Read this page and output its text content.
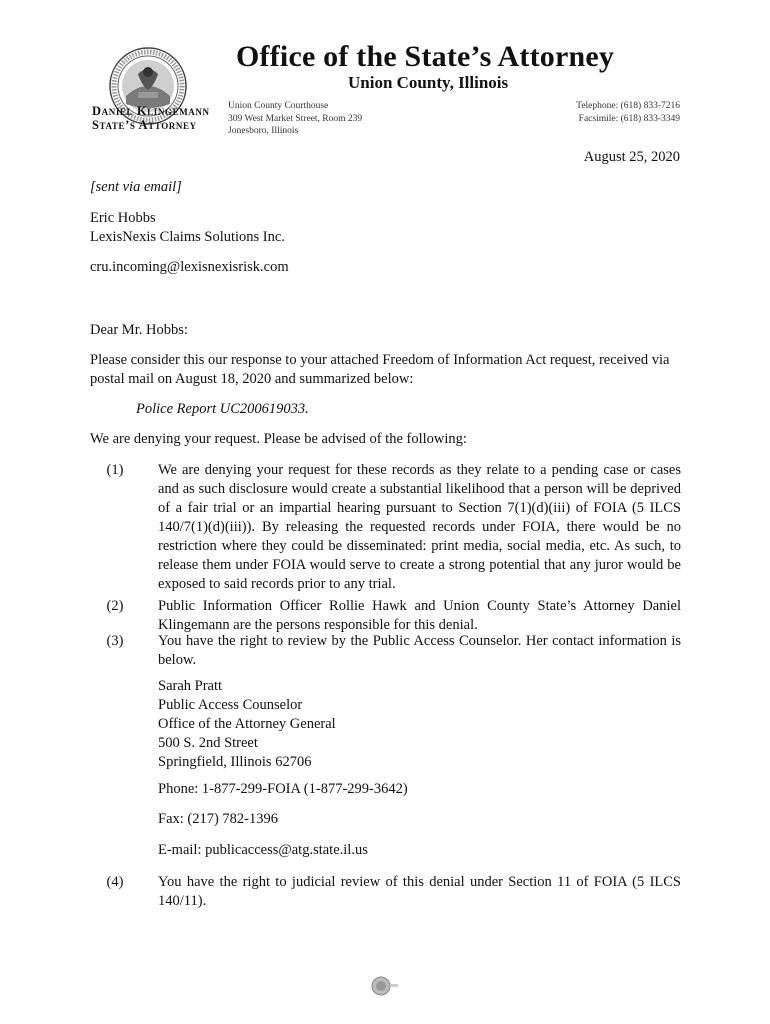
Office of the State’s Attorney
Union County, Illinois
Daniel Klingemann
State’s Attorney
Union County Courthouse
309 West Market Street, Room 239
Jonesboro, Illinois
Telephone: (618) 833-7216
Facsimile: (618) 833-3349
August 25, 2020
[sent via email]
Eric Hobbs
LexisNexis Claims Solutions Inc.
cru.incoming@lexisnexisrisk.com
Dear Mr. Hobbs:
Please consider this our response to your attached Freedom of Information Act request, received via postal mail on August 18, 2020 and summarized below:
Police Report UC200619033.
We are denying your request. Please be advised of the following:
(1)	We are denying your request for these records as they relate to a pending case or cases and as such disclosure would create a substantial likelihood that a person will be deprived of a fair trial or an impartial hearing pursuant to Section 7(1)(d)(iii) of FOIA (5 ILCS 140/7(1)(d)(iii)). By releasing the requested records under FOIA, there would be no restriction where they could be disseminated: print media, social media, etc. As such, to release them under FOIA would serve to create a strong potential that any juror would be exposed to said records prior to any trial.
(2)	Public Information Officer Rollie Hawk and Union County State’s Attorney Daniel Klingemann are the persons responsible for this denial.
(3)	You have the right to review by the Public Access Counselor. Her contact information is below.
Sarah Pratt
Public Access Counselor
Office of the Attorney General
500 S. 2nd Street
Springfield, Illinois 62706
Phone: 1-877-299-FOIA (1-877-299-3642)
Fax: (217) 782-1396
E-mail: publicaccess@atg.state.il.us
(4)	You have the right to judicial review of this denial under Section 11 of FOIA (5 ILCS 140/11).
